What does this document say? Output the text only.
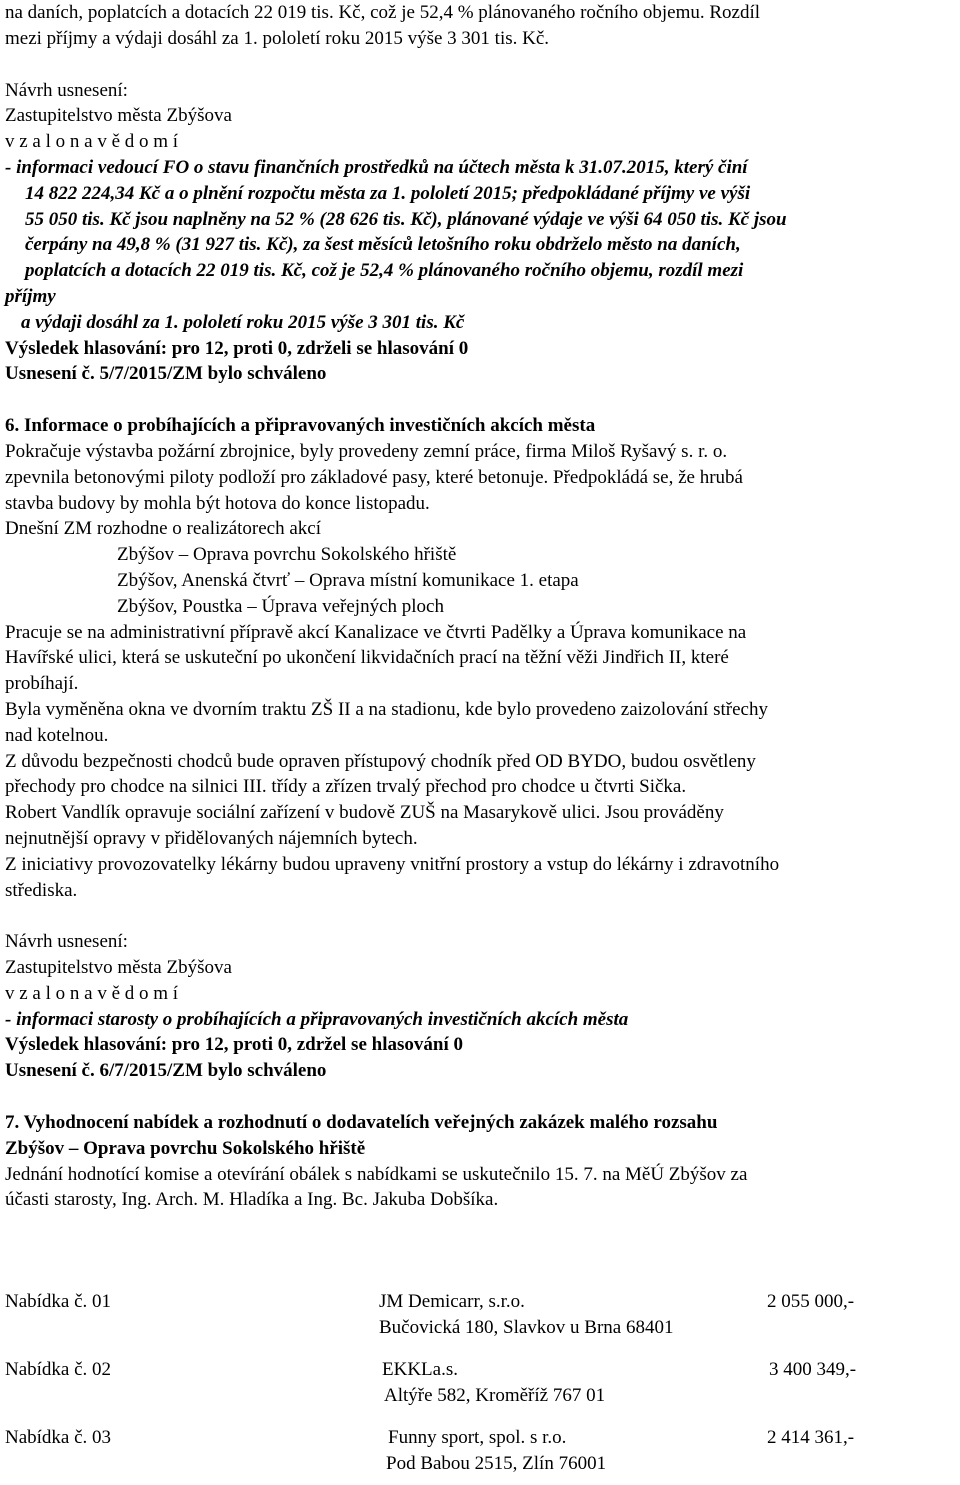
na daních, poplatcích a dotacích 22 019 tis. Kč, což je 52,4 % plánovaného ročního objemu. Rozdíl

mezi příjmy a výdaji dosáhl za 1. pololetí roku 2015 výše 3 301 tis. Kč.

Návrh usnesení:

Zastupitelstvo města Zbýšova

v z a l o n a v ě d o m í

- informaci vedoucí FO o stavu finančních prostředků na účtech města k 31.07.2015, který činí

14 822 224,34 Kč a o plnění rozpočtu města za 1. pololetí 2015; předpokládané příjmy ve výši

55 050 tis. Kč jsou naplněny na 52 % (28 626 tis. Kč), plánované výdaje ve výši 64 050 tis. Kč jsou

čerpány na 49,8 % (31 927 tis. Kč), za šest měsíců letošního roku obdrželo město na daních,

poplatcích a dotacích 22 019 tis. Kč, což je 52,4 % plánovaného ročního objemu, rozdíl mezi

příjmy

a výdaji dosáhl za 1. pololetí roku 2015 výše 3 301 tis. Kč

Výsledek hlasování: pro 12, proti 0, zdrželi se hlasování 0

Usnesení č. 5/7/2015/ZM bylo schváleno

6. Informace o probíhajících a připravovaných investičních akcích města

Pokračuje výstavba požární zbrojnice, byly provedeny zemní práce, firma Miloš Ryšavý s. r. o.

zpevnila betonovými piloty podloží pro základové pasy, které betonuje. Předpokládá se, že hrubá

stavba budovy by mohla být hotova do konce listopadu.

Dnešní ZM rozhodne o realizátorech akcí

Zbýšov – Oprava povrchu Sokolského hřiště

Zbýšov, Anenská čtvrť – Oprava místní komunikace 1. etapa

Zbýšov, Poustka – Úprava veřejných ploch

Pracuje se na administrativní přípravě akcí Kanalizace ve čtvrti Padělky a Úprava komunikace na

Havířské ulici, která se uskuteční po ukončení likvidačních prací na těžní věži Jindřich II, které

probíhají.

Byla vyměněna okna ve dvorním traktu ZŠ II a na stadionu, kde bylo provedeno zaizolování střechy

nad kotelnou.

Z důvodu bezpečnosti chodců bude opraven přístupový chodník před OD BYDO, budou osvětleny

přechody pro chodce na silnici III. třídy a zřízen trvalý přechod pro chodce u čtvrti Sička.

Robert Vandlík opravuje sociální zařízení v budově ZUŠ na Masarykově ulici. Jsou prováděny

nejnutnější opravy v přidělovaných nájemních bytech.

Z iniciativy provozovatelky lékárny budou upraveny vnitřní prostory a vstup do lékárny i zdravotního

střediska.

Návrh usnesení:

Zastupitelstvo města Zbýšova

v z a l o n a v ě d o m í

- informaci starosty o probíhajících a připravovaných investičních akcích města

Výsledek hlasování: pro 12, proti 0, zdržel se hlasování 0

Usnesení č. 6/7/2015/ZM bylo schváleno

7. Vyhodnocení nabídek a rozhodnutí o dodavatelích veřejných zakázek malého rozsahu

Zbýšov – Oprava povrchu Sokolského hřiště

Jednání hodnotící komise a otevírání obálek s nabídkami se uskutečnilo 15. 7. na MěÚ Zbýšov za

účasti starosty, Ing. Arch. M. Hladíka a Ing. Bc. Jakuba Dobšíka.

Nabídka č. 01	JM Demicarr, s.r.o.	2 055 000,-
Bučovická 180, Slavkov u Brna 68401
Nabídka č. 02	EKKLa.s.	3 400 349,-
Altýře 582, Kroměříž 767 01
Nabídka č. 03	Funny sport, spol. s r.o.	2 414 361,-
Pod Babou 2515, Zlín 76001
